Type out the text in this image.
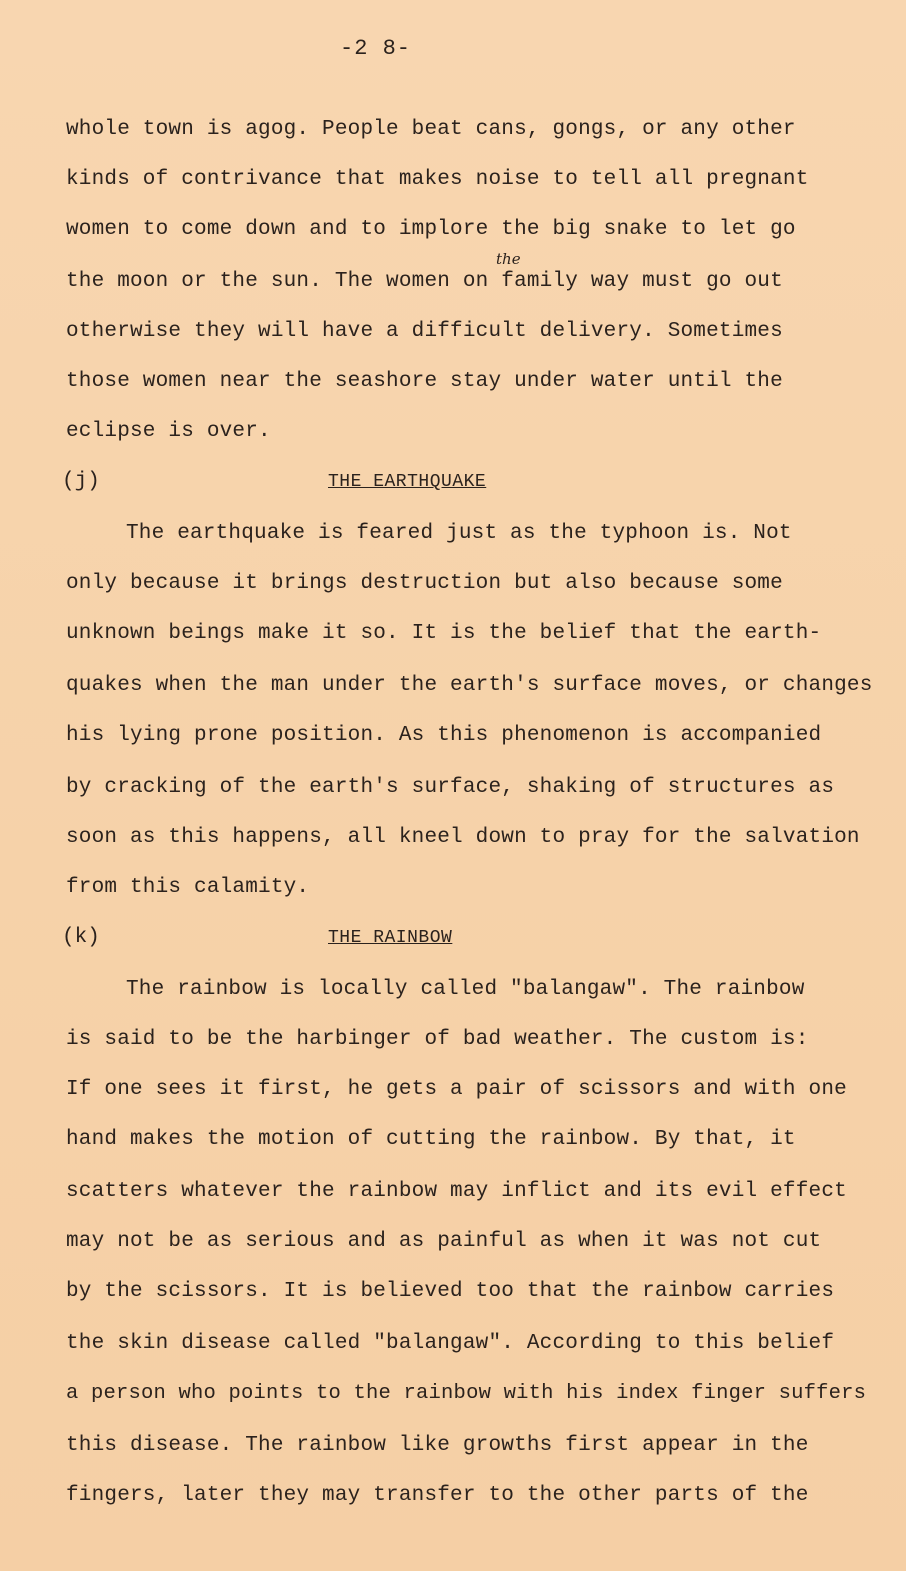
-2 8-
the
whole town is agog. People beat cans, gongs, or any other
kinds of contrivance that makes noise to tell all pregnant
women to come down and to implore the big snake to let go
the moon or the sun. The women on family way must go out
otherwise they will have a difficult delivery. Sometimes
those women near the seashore stay under water until the
eclipse is over.
(j)	THE EARTHQUAKE
The earthquake is feared just as the typhoon is. Not
only because it brings destruction but also because some
unknown beings make it so. It is the belief that the earth-
quakes when the man under the earth's surface moves, or changes
his lying prone position. As this phenomenon is accompanied
by cracking of the earth's surface, shaking of structures as
soon as this happens, all kneel down to pray for the salvation
from this calamity.
(k)	THE RAINBOW
The rainbow is locally called "balangaw". The rainbow
is said to be the harbinger of bad weather. The custom is:
If one sees it first, he gets a pair of scissors and with one
hand makes the motion of cutting the rainbow. By that, it
scatters whatever the rainbow may inflict and its evil effect
may not be as serious and as painful as when it was not cut
by the scissors. It is believed too that the rainbow carries
the skin disease called "balangaw". According to this belief
a person who points to the rainbow with his index finger suffers
this disease. The rainbow like growths first appear in the
fingers, later they may transfer to the other parts of the
